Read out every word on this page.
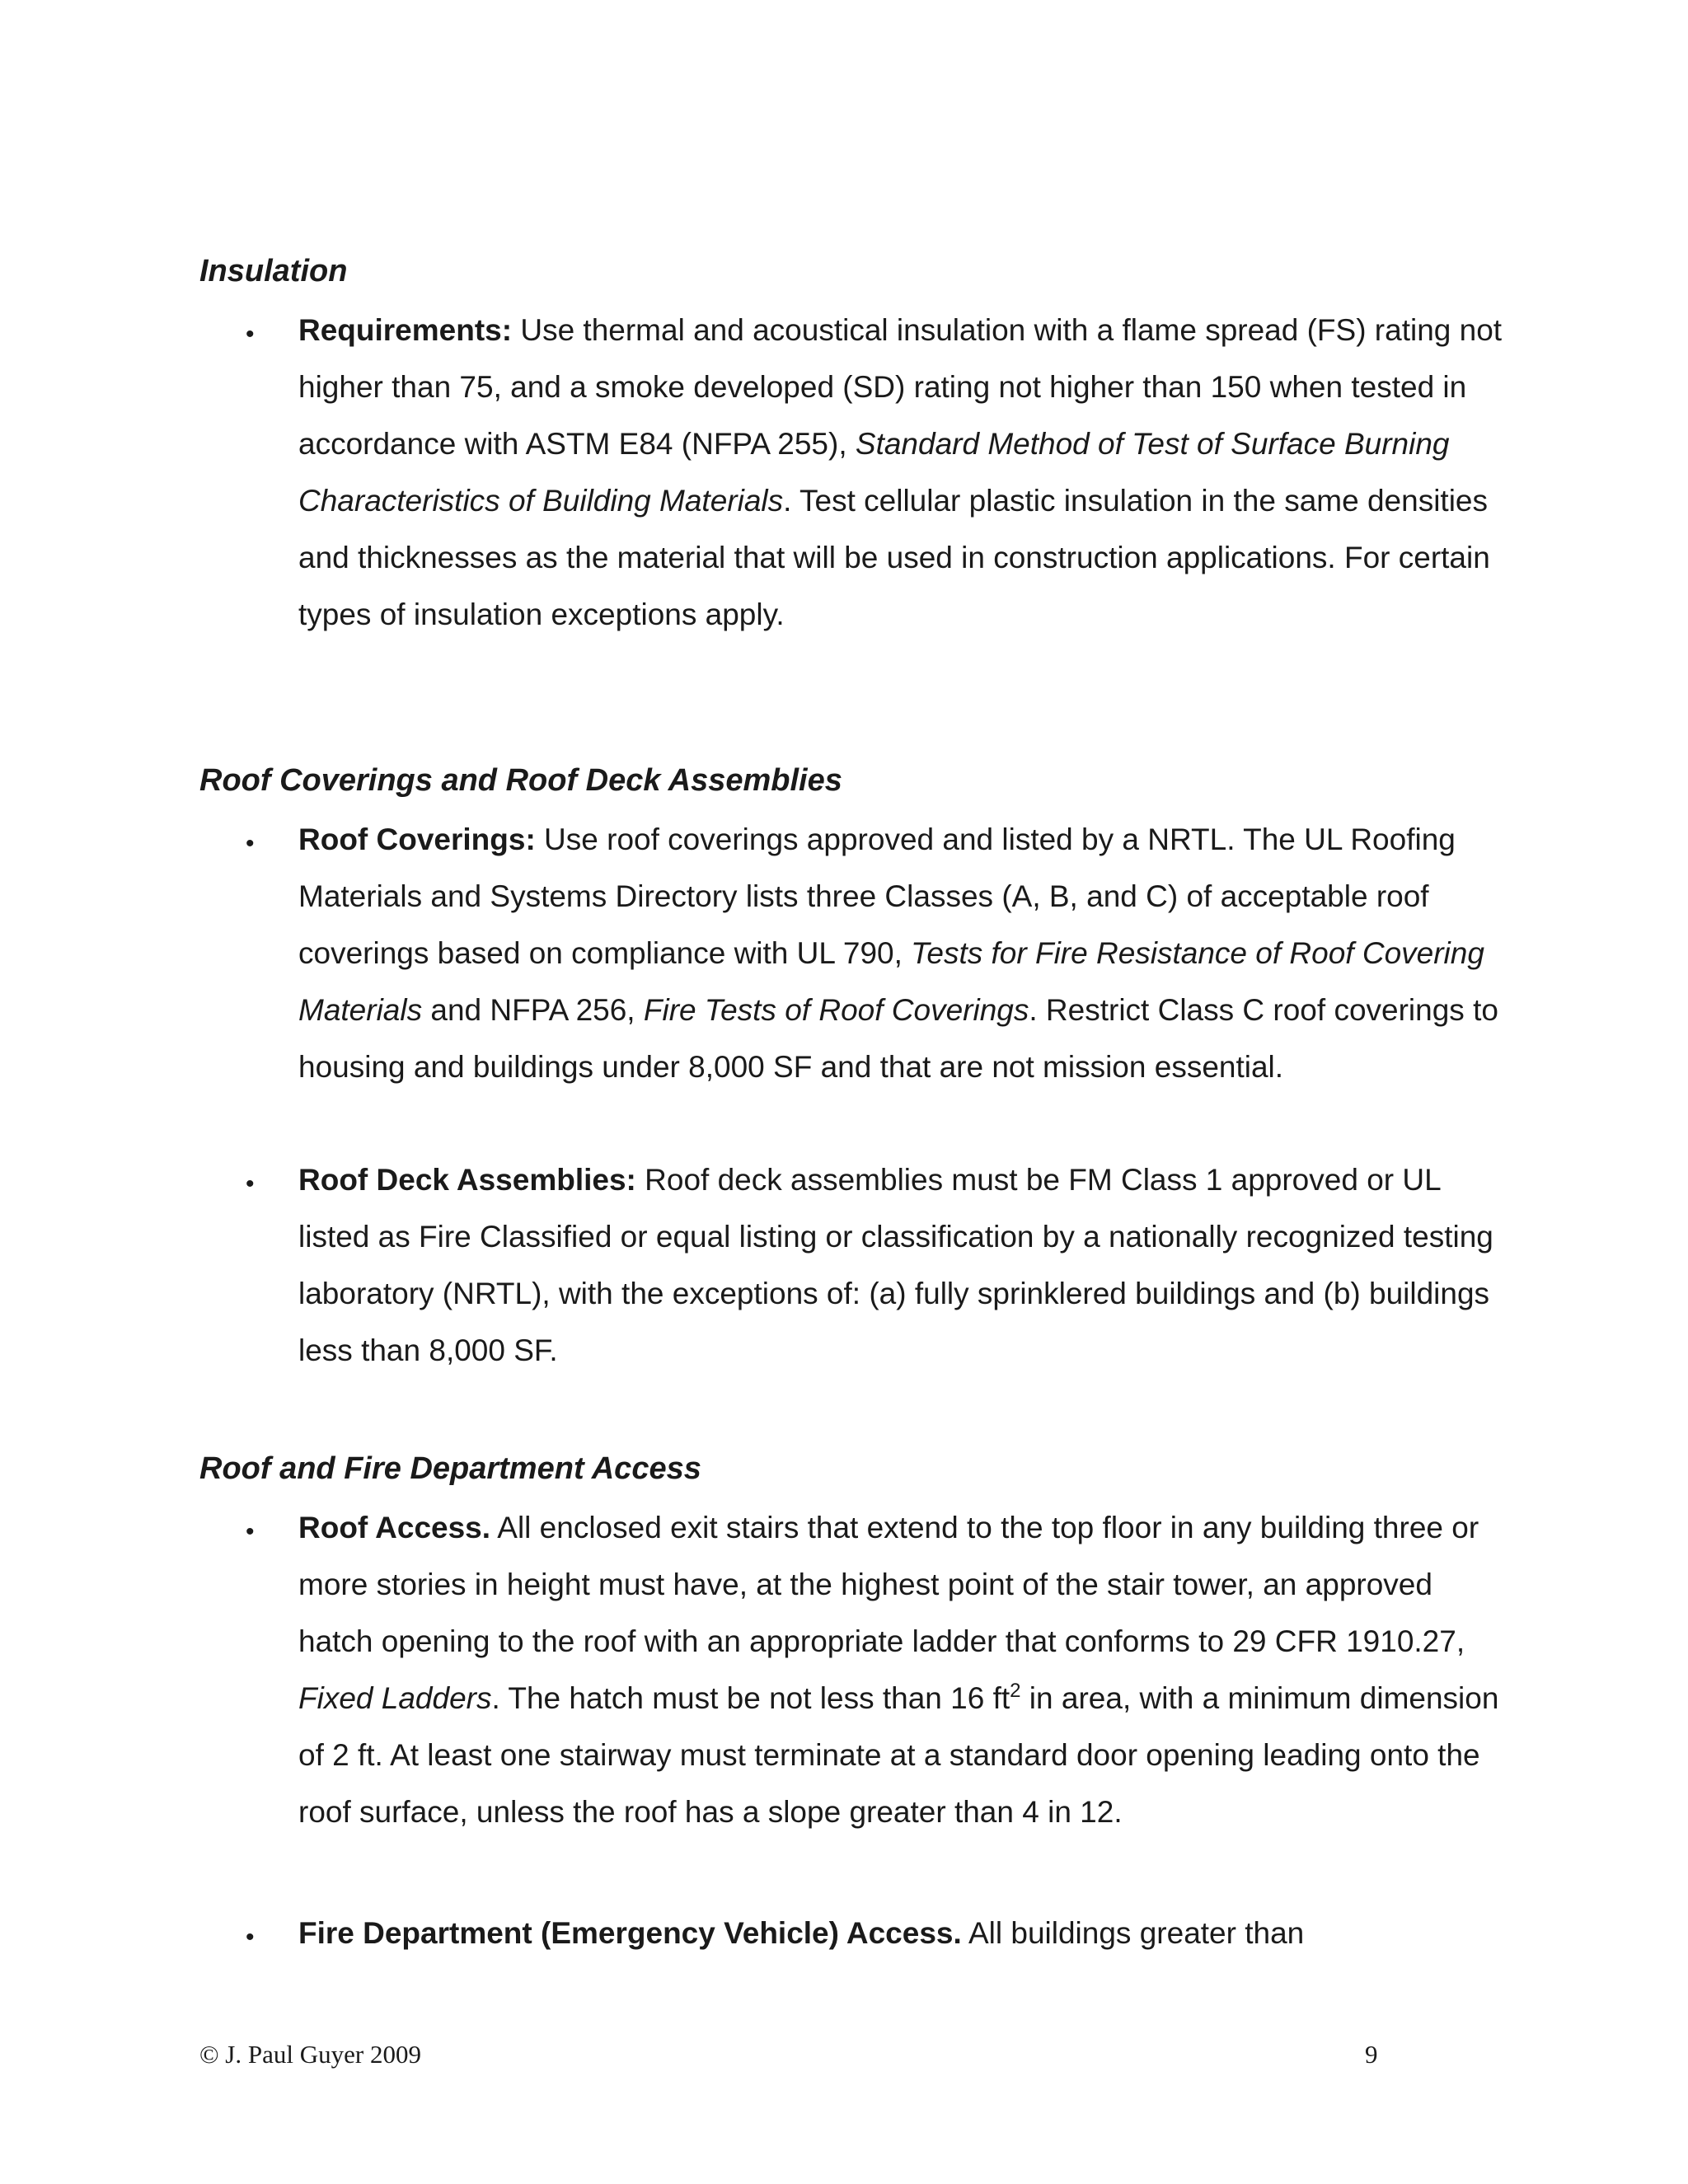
Insulation
• Requirements: Use thermal and acoustical insulation with a flame spread (FS) rating not higher than 75, and a smoke developed (SD) rating not higher than 150 when tested in accordance with ASTM E84 (NFPA 255), Standard Method of Test of Surface Burning Characteristics of Building Materials. Test cellular plastic insulation in the same densities and thicknesses as the material that will be used in construction applications. For certain types of insulation exceptions apply.

Roof Coverings and Roof Deck Assemblies
• Roof Coverings: Use roof coverings approved and listed by a NRTL. The UL Roofing Materials and Systems Directory lists three Classes (A, B, and C) of acceptable roof coverings based on compliance with UL 790, Tests for Fire Resistance of Roof Covering Materials and NFPA 256, Fire Tests of Roof Coverings. Restrict Class C roof coverings to housing and buildings under 8,000 SF and that are not mission essential.

• Roof Deck Assemblies: Roof deck assemblies must be FM Class 1 approved or UL listed as Fire Classified or equal listing or classification by a nationally recognized testing laboratory (NRTL), with the exceptions of: (a) fully sprinklered buildings and (b) buildings less than 8,000 SF.

Roof and Fire Department Access
• Roof Access. All enclosed exit stairs that extend to the top floor in any building three or more stories in height must have, at the highest point of the stair tower, an approved hatch opening to the roof with an appropriate ladder that conforms to 29 CFR 1910.27, Fixed Ladders. The hatch must be not less than 16 $ft^2$ in area, with a minimum dimension of 2 ft. At least one stairway must terminate at a standard door opening leading onto the roof surface, unless the roof has a slope greater than 4 in 12.

• Fire Department (Emergency Vehicle) Access. All buildings greater than

© J. Paul Guyer 2009	9
